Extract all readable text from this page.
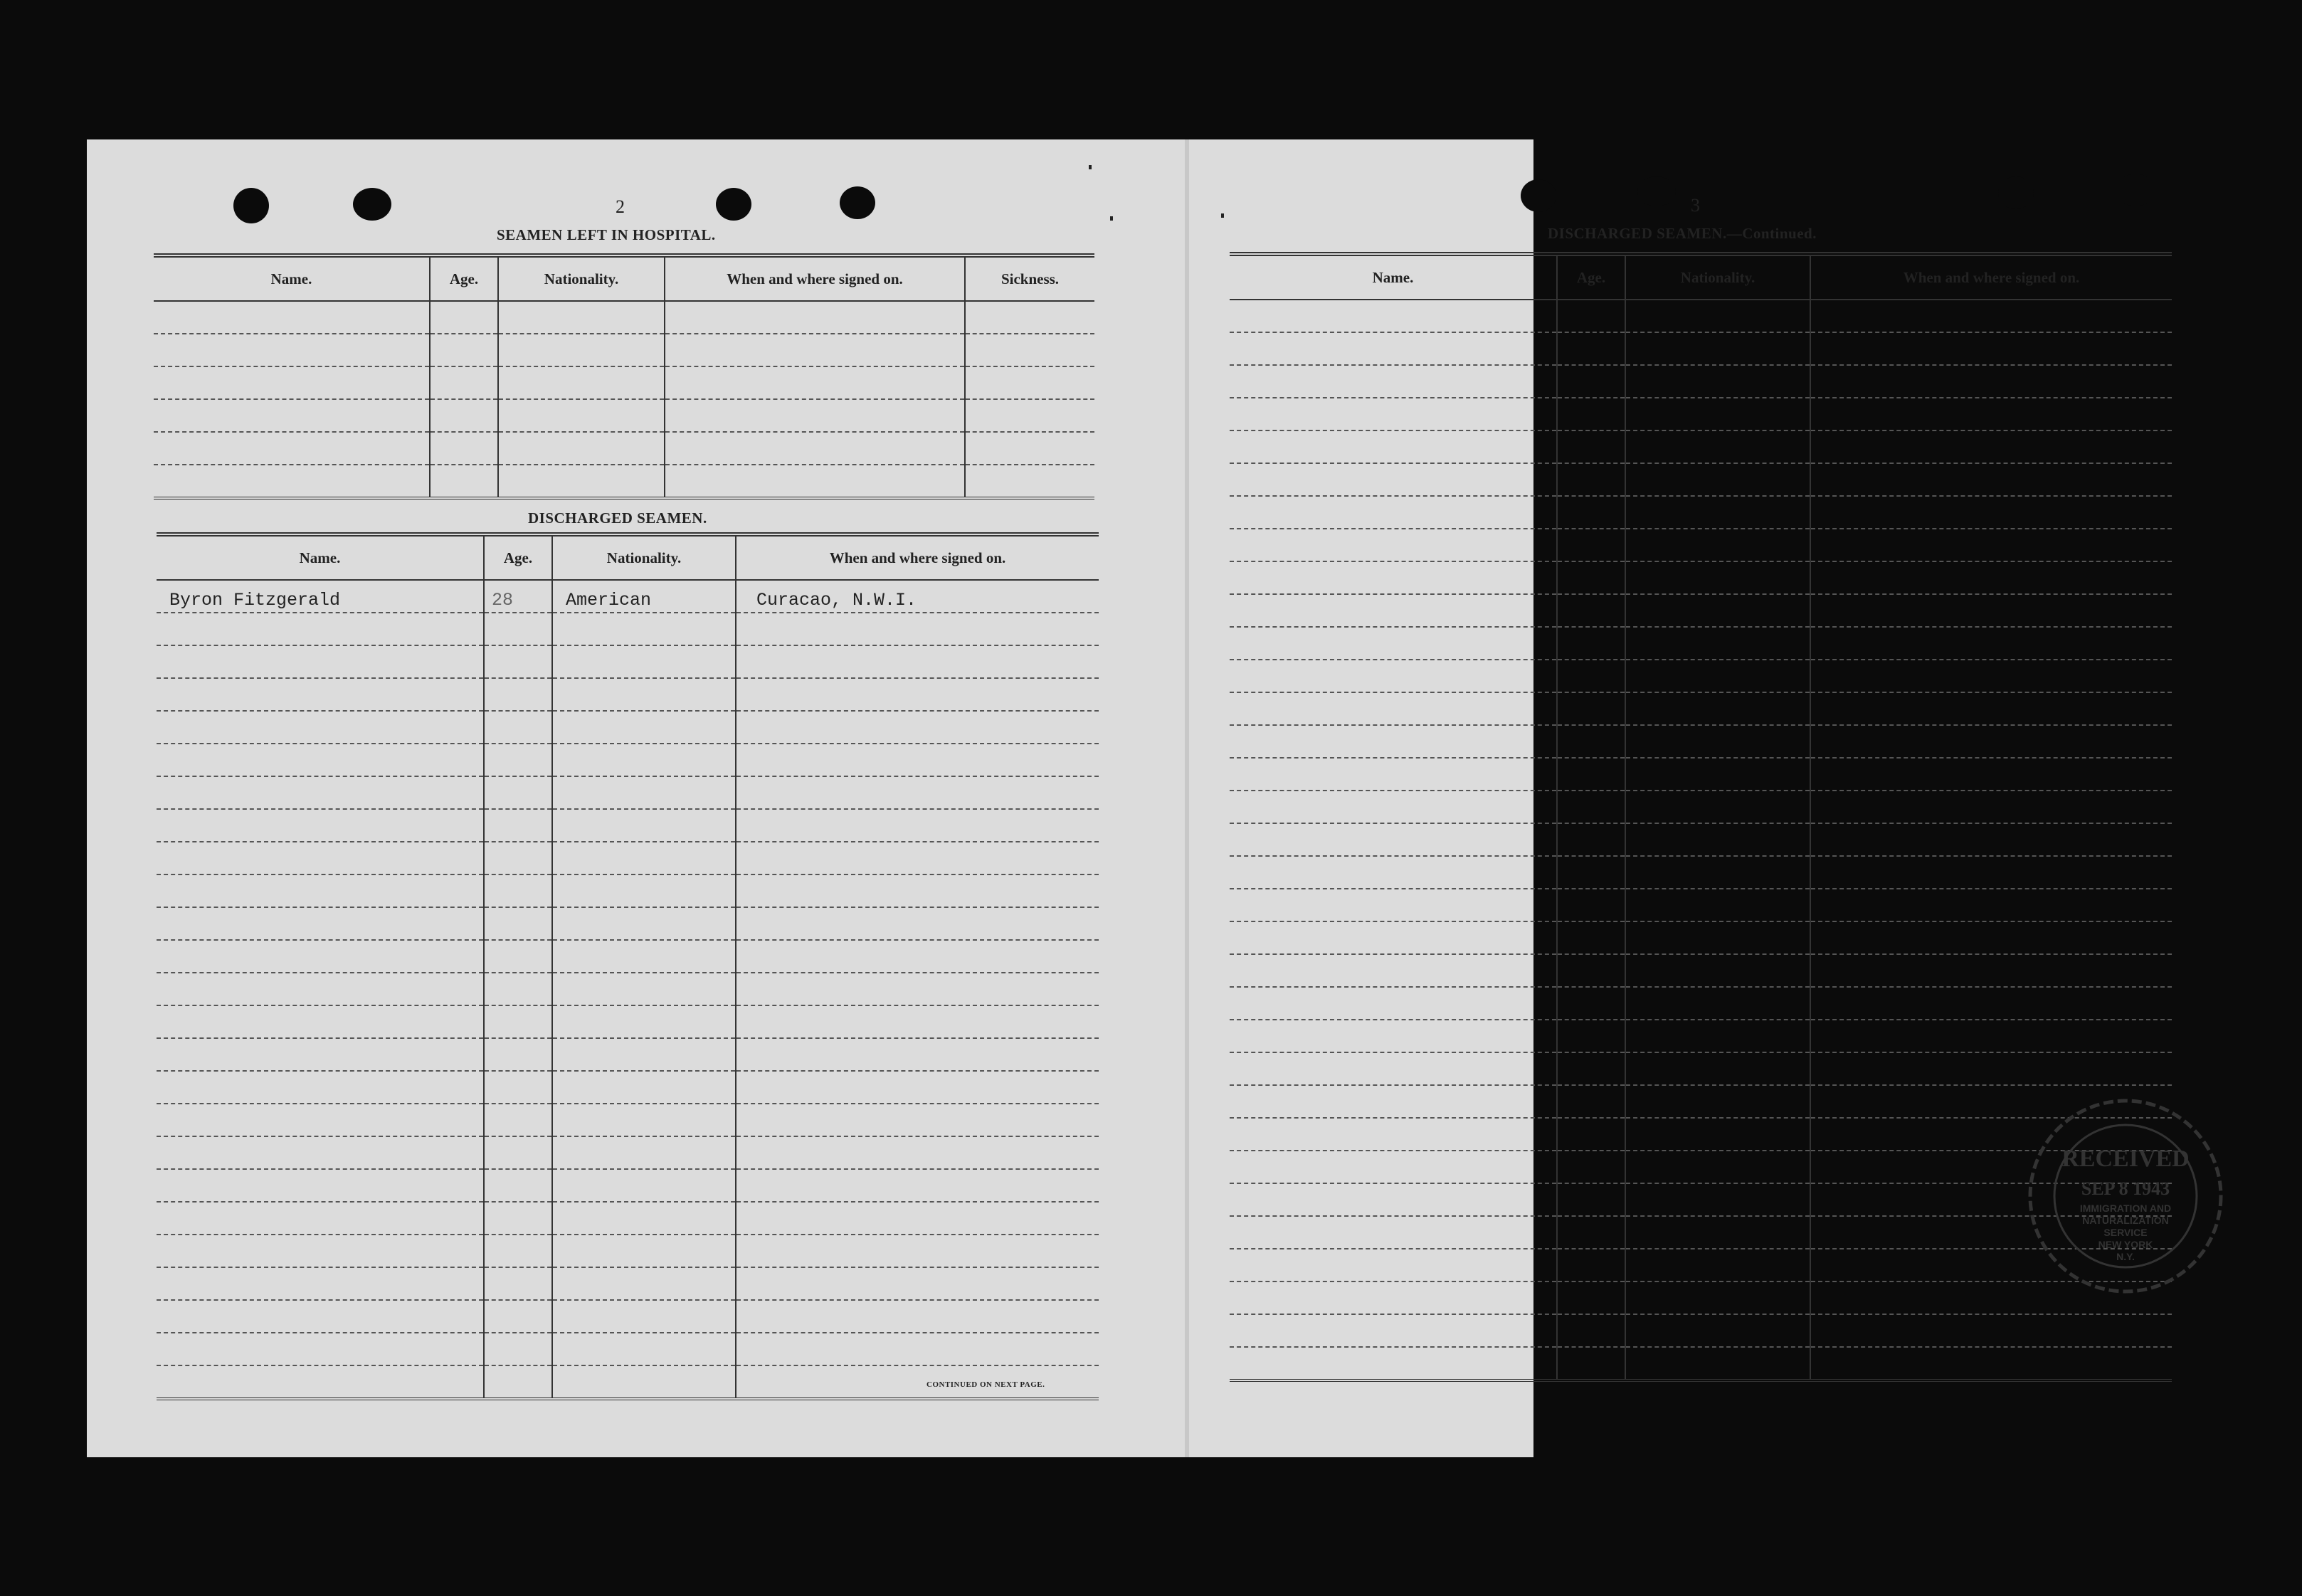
2
SEAMEN LEFT IN HOSPITAL.
Name.	Age.	Nationality.	When and where signed on.	Sickness.

DISCHARGED SEAMEN.
Name.	Age.	Nationality.	When and where signed on.

Byron Fitzgerald	28	American	Curacao, N.W.I.

CONTINUED ON NEXT PAGE.
3
DISCHARGED SEAMEN.—Continued.
Name.	Age.	Nationality.	When and where signed on.

RECEIVED
SEP 8 1943
IMMIGRATION AND
NATURALIZATION
SERVICE
NEW YORK
N.Y.
